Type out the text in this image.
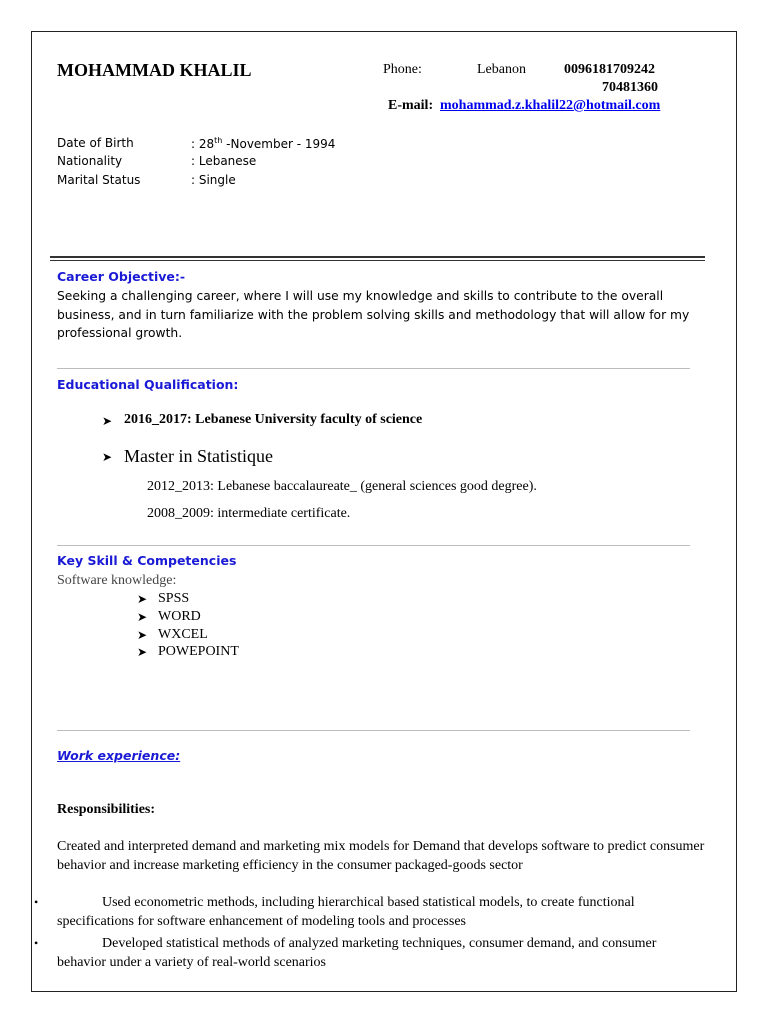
MOHAMMAD KHALIL	Phone:	Lebanon	0096181709242
70481360
E-mail: mohammad.z.khalil22@hotmail.com
Date of Birth	: 28th -November - 1994
Nationality	: Lebanese
Marital Status	: Single
Career Objective:-
Seeking a challenging career, where I will use my knowledge and skills to contribute to the overall business, and in turn familiarize with the problem solving skills and methodology that will allow for my professional growth.
Educational Qualification:
➤ 2016_2017: Lebanese University faculty of science
➤ Master in Statistique
2012_2013: Lebanese baccalaureate_ (general sciences good degree).
2008_2009: intermediate certificate.
Key Skill & Competencies
Software knowledge:
➤ SPSS
➤ WORD
➤ WXCEL
➤ POWEPOINT
Work experience:
Responsibilities:
Created and interpreted demand and marketing mix models for Demand that develops software to predict consumer behavior and increase marketing efficiency in the consumer packaged-goods sector
•	Used econometric methods, including hierarchical based statistical models, to create functional specifications for software enhancement of modeling tools and processes
•	Developed statistical methods of analyzed marketing techniques, consumer demand, and consumer behavior under a variety of real-world scenarios
